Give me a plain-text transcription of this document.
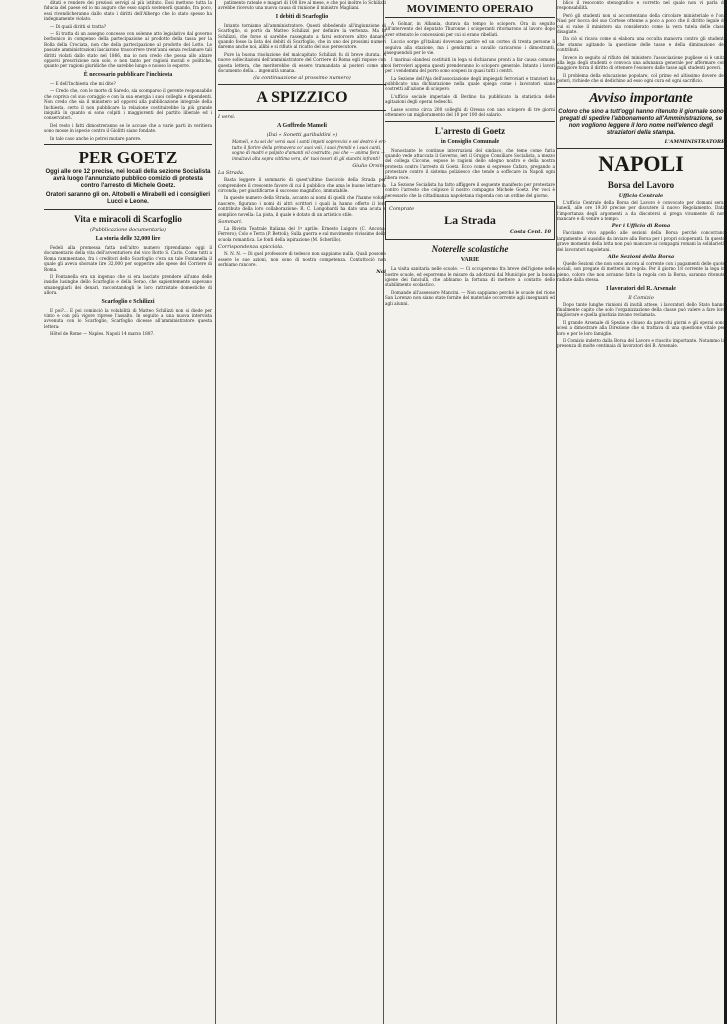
ditati e rendere dei preziosi servigi al più istituto. Essi mettono tutta la fiducia del paese ed io mi auguro che esso saprà sostenerli quando, fra poco, essi rivendicheranno dallo stato i diritti dell'Albergo che lo stato spesso ha indegnamente violato.

— Di quali diritti si tratta?

— Si tratta di un assegno concesso con solenne atto legislativo dal governo borbonico in compenso della partecipazione al prodotto della tassa per la Bolla della Crociata, non che della partecipazione al prodotto del Lotto. Le passate amministrazioni lasciarono trascorrere trent'anni senza reclamare tali diritti violati dallo stato nel 1866, ma io non credo che possa allo alzare opporsi prescrizione non solo, e non tanto per ragioni morali e politiche, quanto per ragioni giuridiche che sarebbe lungo e noioso lo esporre.

È necessario pubblicare l'inchiesta

— E dell'Inchiesta che mi dite?

— Credo che, con le morte di Saredo, sia scomparso il gerente responsabile che copriva col suo coraggio e con la sua energia i suoi colleghi e dipendenti. Non credo che sia il ministero ad opporsi alla pubblicazione integrale della Inchiesta, certo il non pubblicare la relazione costituirebbe la più grande iniquità in quanto si sono colpiti i maggiorenti del partito liberale ed i conservatori.

Del resto i fatti dimostreranno se le accuse che a varie parti in veritiera sono mosse in ispecie contro il Giolitti siano fondate.

In tale caso anche io potrei mutare parere.

PER GOETZ
Oggi alle ore 12 precise, nei locali della sezione Socialista avrà luogo l'annunziato pubblico comizio di protesta contro l'arresto di Michele Goetz.
Oratori saranno gli on. Altobelli e Mirabelli ed i consiglieri Lucci e Leone.
Vita e miracoli di Scarfoglio
(Pubblicazione documentaria)
La storia delle 32,000 lire

Fedeli alla promessa fatta nell'altro numero riprendiamo oggi il documentario della vita dell'avventuriero del vico Rotto S. Carlo. Come tutti a Roma rammentano, fra i creditori dello Scarfoglio c'era un tale Fontanella il quale gli aveva sborsate lire 32,000 per sopperire alle spese del Corriere di Roma.

Il Fontanella era un ingenuo che si era lasciato prendere all'amo delle insidie lusinghe dello Scarfoglio e della Serao, che sapientemente sapevano smaneggiarli dei denari, raccontandogli le loro rattristate domestiche di allora.

Scarfoglio e Schilizzi

E poi?... E poi cominciò la volubilità di Matteo Schilizzi non si diede per vinto e con più vigore riprese l'assalto. In seguito a una nuova intervista avvenuta con lo Scarfoglio, Scarfoglio dicesse all'amministratore questa lettera:

Hôtel de Rome — Naples. Napoli 14 marzo 1887.

patimento rateale e magari di 100 lire al mese, e che poi inoltre lo Schilizzi avrebbe ricevuto una nuova causa di riunione il ministro Magliani.

I debiti di Scarfoglio

Intanto torniamo all'amministratore. Questi obbedendo all'ingiunzione di Scarfoglio, si portò da Matteo Schilizzi per definire la vertenza. Ma lo Schilizzi, che forse si sarebbe rassegnato a farsi estorcere altro danaro, quando fosse la lista dei debiti di Scarfoglio, che in uno dei prossimi numeri daremo anche noi, allibì e si rifiutò al ricatto del suo persecutore.

Pure la buona risoluzione del malcapitato Schilizzi fu di breve durata. A nuove sollecitazioni dell'amministratore del Corriere di Roma egli rispose con questa lettera, che meriterebbe di essere tramandata ai posteri come un documento della... ingenuità umana.

(la continuazione al prossimo numero)
A SPIZZICO
I versi.
A Goffredo Mameli
(Dai « Sonetti garibaldini »)

Mameli, e tu sei de' versi suoi i santi impeti soprevvivi e sei destro è ero tutto il fiorire della primavera co' suoi voli, i suoi fremiti e i suoi canti, sogno di madri e palpito d'amanti vil costrutto, poi che — anima fiera — innalzavi alta sopra vittima vera, de' tuoi tesori di gli stanchi infranti!

Giulio Orsini.
La Strada.

Basta leggere il sommario di quest'ultimo fascicolo della Strada per comprendere il crescente favore di cui il pubblico che ama le buone letture la circonda; per giustificarne il successo magnifico, immutabile.

In queste numero della Strada, accanto ai nomi di quelli che l'hanno voluto nascere, figurano i nomi di altri scrittori i quali la hanno offerto il loro contributo della loro collaborazione: R. C. Longobardi ha dato una acuta e semplice novella: La pista, il quale è dotato di un artistico stile.

Sommari.

La Rivista Teatrale Italiana del 1º aprile: Ernesto Luigoro (C. Ancona-Ferrero); Colo e Terra (P. Bettoli); Sulla guerra e sul movimento vivissimo della scuola romantica. Le fonti della ispirazione (M. Scherillo).

Corrispondenza spicciola.

N. N. N. — Di quel professore di tedesco non sappiamo nulla. Quali possono essere le sue azioni, non sono di nostra competenza. Contuttociò non serbiamo rancore.

Noi
MOVIMENTO OPERAIO

A Golnar, in Albania, durava da tempo lo sciopero. Ora in seguito all'intervento del deputato Thuronne i scioperanti ritornarono al lavoro dopo aver ottenuto le concessioni per cui si erano ribellati.

Luccio sorge gl'italiani dovevano partire ed un corteo di trenta persone li seguiva alla stazione, ma i gendarmi a cavallo caricarono i dimostranti, inseguendoli per le vie.

I marinai olandesi costituiti in lega si dichiarano pronti a far causa comune coi ferrovieri appena questi prenderanno lo sciopero generale. Intanto i lavori per i vendemmi del porto sono sospesi in quasi tutti i centri.

La Sezione dell'Aja dell'associazione degli impiegati ferroviari e tranvieri ha pubblicato una dichiarazione nella quale spiega come i lavoratori siano costretti all'azione di sciopero.

L'ufficio sociale imperiale di Berlino ha pubblicato la statistica delle agitazioni degli operai tedeschi.

Lasse scorso circa 200 colleghi di Oressa con uno sciopero di tre giorni ottennero un miglioramento del 10 per 100 del salario.

L'arresto di Goetz
in Consiglio Comunale

Nonostante le continue interruzioni del sindaco, che teme come furia quando vede attaccata il Governo, ieri il Gruppo Consiliare Socialista, a mezzo del collega Ciccone, espose le ragioni dello sdegno nostro e della nostra protesta contro l'arresto di Goetz. Ecco come si espresse Cafaro, pregando a protestare contro il sistema poliziesco che tende a soffocare in Napoli ogni libera voce.

La Sezione Socialista ha fatto affiggere il seguente manifesto per protestare contro l'arresto che colpisce il nostro compagno Michele Goetz. Per voci è necessario che la cittadinanza napoletana risponda con un ordine del giorno.

Comprate
La Strada
Costa Cent. 10
Noterelle scolastiche
VARIE

La visita sanitaria nelle scuole. — Ci occuperemo fra breve dell'igiene nelle nostre scuole, ed esporremo le misure da adottarsi dal Municipio per la buona igiene dei fanciulli, che abbiamo la fortuna di mettere a contatto dello stabilimento scolastico.

Domande all'assessore Mancini. — Non sappiamo perché le scuole del rione San Lorenzo non siano state fornite del materiale occorrente agli insegnanti ed agli alunni.

blico il resoconto stenografico e corretto nel quale non vi parla di responsabilità.

Però gli studenti non si accontentano della circolare ministeriale e l'on. Nasi per bocca del suo Cortese ottenne a poco a poco che il diritto legale di cui si valse il ministero sia considerato come la vera tutela delle classi disagiate.

Da ciò si ricava come si elabora una occulta manovra contro gli studenti che stanno agitando la questione delle tasse e della diminuzione dei contributi.

Invece in seguito al rifiuto del ministero l'associazione pugliese si è unita alla lega degli studenti e convoca una adunanza generale per affermare con maggiore forza il diritto di ottenere l'esonero dalle tasse agli studenti poveri.

Il problema della educazione popolare, col primo ed altissimo dovere dei poteri, richiede che si dedichino ad esso ogni cura ed ogni sacrificio.

Avviso importante
Coloro che sino a tutt'oggi hanno ritenuto il giornale sono pregati di spedire l'abbonamento all'Amministrazione, se non vogliono leggere il loro nome nell'elenco degli straziatori della stampa.
L'AMMINISTRATORE
NAPOLI
Borsa del Lavoro
Ufficio Centrale

L'ufficio Centrale della Borsa del Lavoro è convocato per domani sera, lunedì, alle ore 19.30 precise per discutere il nuovo Regolamento. Data l'importanza degli argomenti a da discutersi si prega vivamente di non mancare e di venire a tempo.

Per i Ufficio di Roma

Facciamo vivo appello alle sezioni della Borsa perché concorrano largamente al sussidio da inviare alla Borsa per i propri scioperanti. In questo grave momento della lotta non può mancare ai compagni romani la solidarietà dei lavoratori napoletani.

Alle Sezioni della Borsa

Quelle Sezioni che non sono ancora al corrente con i pagamenti delle quote sociali, son pregate di mettersi in regola. Per il giorno 18 corrente la lega in pieno, coloro che non avranno fatto la regola con la Borsa, saranno ritenute radiate dalla stessa.

I lavoratori del R. Arsenale
Il Comizio

Dopo tante lunghe riunioni di inutili attese, i lavoratori dello Stato hanno finalmente capito che solo l'organizzazione della classe può valere a fare loro migliorare e quella giustizia invano reclamata.

Il grande Arsenale di Spezia e chiuso da parecchi giorni e gli operai sono scesi a dimostrare alla Direzione che si trattava di una questione vitale per loro e per le loro famiglie.

Il Comizio indetto dalla Borsa del Lavoro e riuscito importante. Notammo la presenza di molte centinaia di lavoratori del R. Arsenale.
